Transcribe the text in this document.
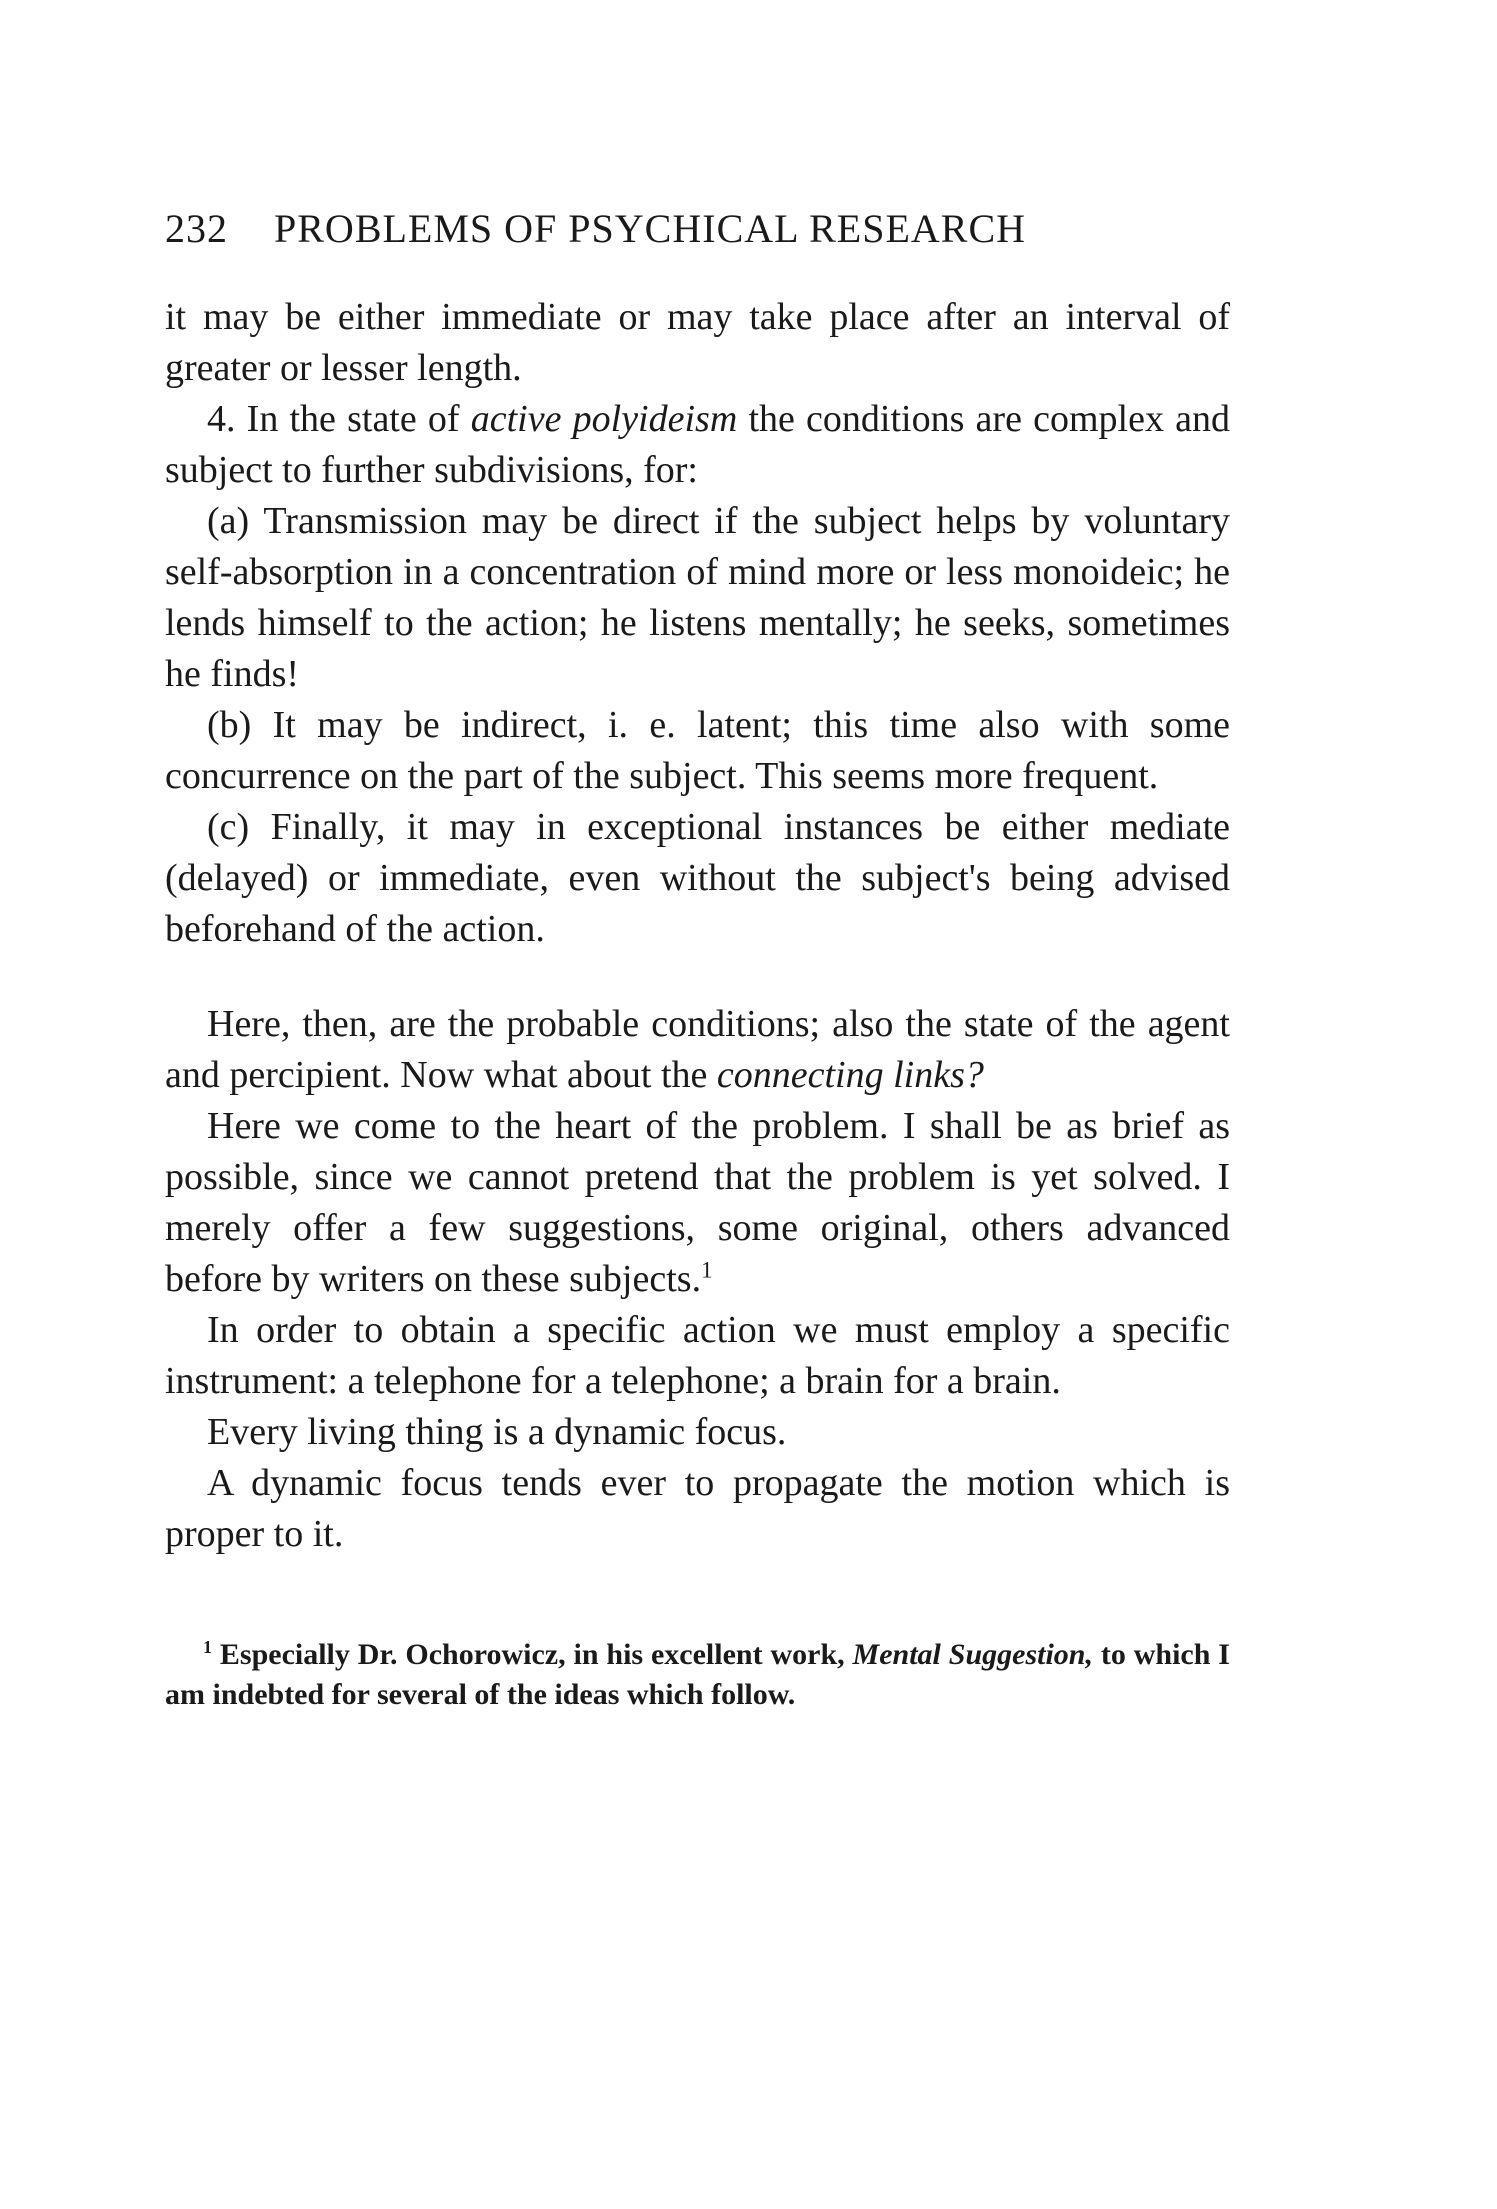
232 PROBLEMS OF PSYCHICAL RESEARCH

it may be either immediate or may take place after an interval of greater or lesser length.

4. In the state of active polyideism the conditions are complex and subject to further subdivisions, for:

(a) Transmission may be direct if the subject helps by voluntary self-absorption in a concentration of mind more or less monoideic; he lends himself to the action; he listens mentally; he seeks, sometimes he finds!

(b) It may be indirect, i. e. latent; this time also with some concurrence on the part of the subject. This seems more frequent.

(c) Finally, it may in exceptional instances be either mediate (delayed) or immediate, even without the subject's being advised beforehand of the action.

Here, then, are the probable conditions; also the state of the agent and percipient. Now what about the connecting links?

Here we come to the heart of the problem. I shall be as brief as possible, since we cannot pretend that the problem is yet solved. I merely offer a few suggestions, some original, others advanced before by writers on these subjects.$^1$

In order to obtain a specific action we must employ a specific instrument: a telephone for a telephone; a brain for a brain.

Every living thing is a dynamic focus.

A dynamic focus tends ever to propagate the motion which is proper to it.

$^1$ Especially Dr. Ochorowicz, in his excellent work, Mental Suggestion, to which I am indebted for several of the ideas which follow.
